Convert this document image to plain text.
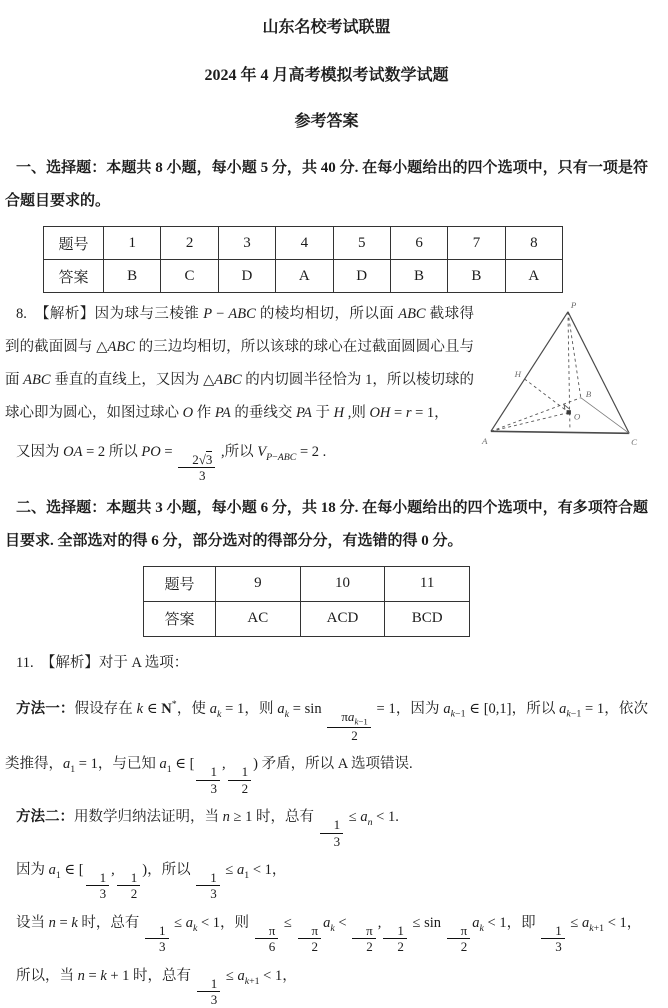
山东名校考试联盟
2024 年 4 月高考模拟考试数学试题
参考答案
一、选择题：本题共 8 小题，每小题 5 分，共 40 分. 在每小题给出的四个选项中，只有一项是符合题目要求的。
题号	1	2	3	4	5	6	7	8
答案	B	C	D	A	D	B	B	A
P
A
B
C
O
H
8.  【解析】因为球与三棱锥 P − ABC 的棱均相切，所以面 ABC 截球得到的截面圆与 △ABC 的三边均相切，所以该球的球心在过截面圆圆心且与面 ABC 垂直的直线上，又因为 △ABC 的内切圆半径恰为 1，所以棱切球的球心即为圆心，如图过球心 O 作 PA 的垂线交 PA 于 H ,则 OH = r = 1，
又因为 OA = 2 所以 PO =
$\frac{2√3}{3}$
,所以 $V_{P-ABC} = 2$ .
二、选择题：本题共 3 小题，每小题 6 分，共 18 分. 在每小题给出的四个选项中，有多项符合题目要求. 全部选对的得 6 分，部分选对的得部分分，有选错的得 0 分。
题号	9	10	11
答案	AC	ACD	BCD
11.  【解析】对于 A 选项：
方法一：假设存在 k ∈ N*，使 $a_k = 1$，则 $a_k = \sin$	$\pi a_{k-1}$
2
= 1，因为 $a_{k-1}$ ∈ [0,1]，所以 $a_{k-1} = 1$，依次类推得，$a_1 = 1$，与已知 $a_1$ ∈ [
$\frac{1}{3}$
,
$\frac{1}{2}$
) 矛盾，所以 A 选项错误.
方法二：用数学归纳法证明，当 n ≥ 1 时，总有
$\frac{1}{3}$
≤ $a_n < 1$.
因为 $a_1$ ∈ [
$\frac{1}{3}$
,
$\frac{1}{2}$
)，所以
$\frac{1}{3}$
≤ $a_1 < 1$，
设当 n = k 时，总有
$\frac{1}{3}$
≤ $a_k < 1$，则
$\frac{\pi}{6}$
≤
$\frac{\pi}{2}$
$a_k$ <
$\frac{\pi}{2}$
,
$\frac{1}{2}$
≤ sin
$\frac{\pi}{2}$
$a_k < 1$，即
$\frac{1}{3}$
≤ $a_{k+1} < 1$，
所以，当 n = k + 1 时，总有
$\frac{1}{3}$
≤ $a_{k+1} < 1$，
